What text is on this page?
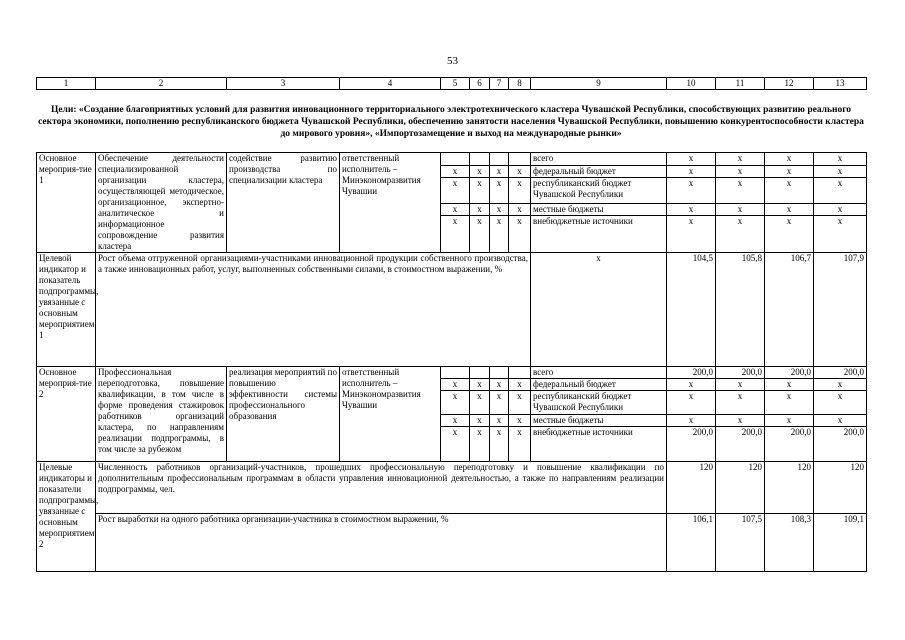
53
1	2	3	4	5	6	7	8	9	10	11	12	13
Цели: «Создание благоприятных условий для развития инновационного территориального электротехнического кластера Чувашской Республики, способствующих развитию реального сектора экономики, пополнению республиканского бюджета Чувашской Республики, обеспечению занятости населения Чувашской Республики, повышению конкурентоспособности кластера до мирового уровня», «Импортозамещение и выход на международные рынки»
Основное мероприя-тие 1	Обеспечение деятельности специализированной организации кластера, осуществляющей методическое, организационное, экспертно-аналитическое и информационное сопровождение развития кластера	содействие развитию производства по специализации кластера	ответственный исполнитель – Минэкономразвития Чувашии					всего	x	x	x	x
				x	x	x	x	федеральный бюджет	x	x	x	x
				x	x	x	x	республиканский бюджет Чувашской Республики	x	x	x	x
				x	x	x	x	местные бюджеты	x	x	x	x
				x	x	x	x	внебюджетные источники	x	x	x	x
Целевой индикатор и показатель подпрограммы, увязанные с основным мероприятием 1	Рост объема отгруженной организациями-участниками инновационной продукции собственного производства, а также инновационных работ, услуг, выполненных собственными силами, в стоимостном выражении, %							x	104,5	105,8	106,7	107,9
Основное мероприя-тие 2	Профессиональная переподготовка, повышение квалификации, в том числе в форме проведения стажировок работников организаций кластера, по направлениям реализации подпрограммы, в том числе за рубежом	реализация мероприятий по повышению эффективности системы профессионального образования	ответственный исполнитель – Минэкономразвития Чувашии					всего	200,0	200,0	200,0	200,0
				x	x	x	x	федеральный бюджет	x	x	x	x
				x	x	x	x	республиканский бюджет Чувашской Республики	x	x	x	x
				x	x	x	x	местные бюджеты	x	x	x	x
				x	x	x	x	внебюджетные источники	200,0	200,0	200,0	200,0
Целевые индикаторы и показатели подпрограммы, увязанные с основным мероприятием 2	Численность работников организаций-участников, прошедших профессиональную переподготовку и повышение квалификации по дополнительным профессиональным программам в области управления инновационной деятельностью, а также по направлениям реализации подпрограммы, чел.								120	120	120	120
	Рост выработки на одного работника организации-участника в стоимостном выражении, %								106,1	107,5	108,3	109,1
